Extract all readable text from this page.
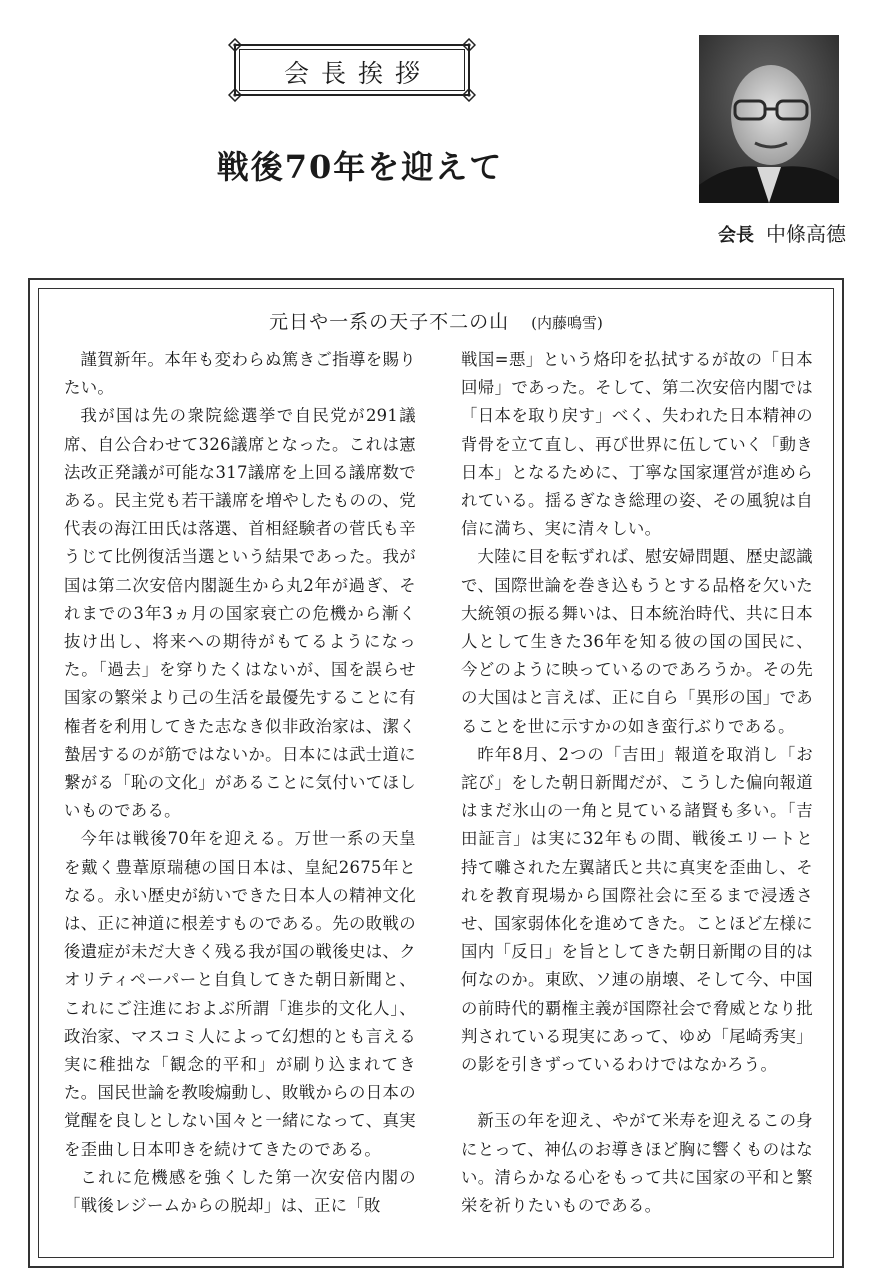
会長挨拶
戦後70年を迎えて
会長 中條高德
元日や一系の天子不二の山 (内藤鳴雪)

謹賀新年。本年も変わらぬ篤きご指導を賜りたい。

我が国は先の衆院総選挙で自民党が291議席、自公合わせて326議席となった。これは憲法改正発議が可能な317議席を上回る議席数である。民主党も若干議席を増やしたものの、党代表の海江田氏は落選、首相経験者の菅氏も辛うじて比例復活当選という結果であった。我が国は第二次安倍内閣誕生から丸2年が過ぎ、それまでの3年3ヵ月の国家衰亡の危機から漸く抜け出し、将来への期待がもてるようになった。「過去」を穿りたくはないが、国を誤らせ国家の繁栄より己の生活を最優先することに有権者を利用してきた志なき似非政治家は、潔く蟄居するのが筋ではないか。日本には武士道に繋がる「恥の文化」があることに気付いてほしいものである。

今年は戦後70年を迎える。万世一系の天皇を戴く豊葦原瑞穂の国日本は、皇紀2675年となる。永い歴史が紡いできた日本人の精神文化は、正に神道に根差すものである。先の敗戦の後遺症が未だ大きく残る我が国の戦後史は、クオリティペーパーと自負してきた朝日新聞と、これにご注進におよぶ所謂「進歩的文化人」、政治家、マスコミ人によって幻想的とも言える実に稚拙な「観念的平和」が刷り込まれてきた。国民世論を教唆煽動し、敗戦からの日本の覚醒を良しとしない国々と一緒になって、真実を歪曲し日本叩きを続けてきたのである。

これに危機感を強くした第一次安倍内閣の「戦後レジームからの脱却」は、正に「敗

戦国=悪」という烙印を払拭するが故の「日本回帰」であった。そして、第二次安倍内閣では「日本を取り戻す」べく、失われた日本精神の背骨を立て直し、再び世界に伍していく「動き日本」となるために、丁寧な国家運営が進められている。揺るぎなき総理の姿、その風貌は自信に満ち、実に清々しい。

大陸に目を転ずれば、慰安婦問題、歴史認識で、国際世論を巻き込もうとする品格を欠いた大統領の振る舞いは、日本統治時代、共に日本人として生きた36年を知る彼の国の国民に、今どのように映っているのであろうか。その先の大国はと言えば、正に自ら「異形の国」であることを世に示すかの如き蛮行ぶりである。

昨年8月、2つの「吉田」報道を取消し「お詫び」をした朝日新聞だが、こうした偏向報道はまだ氷山の一角と見ている諸賢も多い。「吉田証言」は実に32年もの間、戦後エリートと持て囃された左翼諸氏と共に真実を歪曲し、それを教育現場から国際社会に至るまで浸透させ、国家弱体化を進めてきた。ことほど左様に国内「反日」を旨としてきた朝日新聞の目的は何なのか。東欧、ソ連の崩壊、そして今、中国の前時代的覇権主義が国際社会で脅威となり批判されている現実にあって、ゆめ「尾崎秀実」の影を引きずっているわけではなかろう。

新玉の年を迎え、やがて米寿を迎えるこの身にとって、神仏のお導きほど胸に響くものはない。清らかなる心をもって共に国家の平和と繁栄を祈りたいものである。
